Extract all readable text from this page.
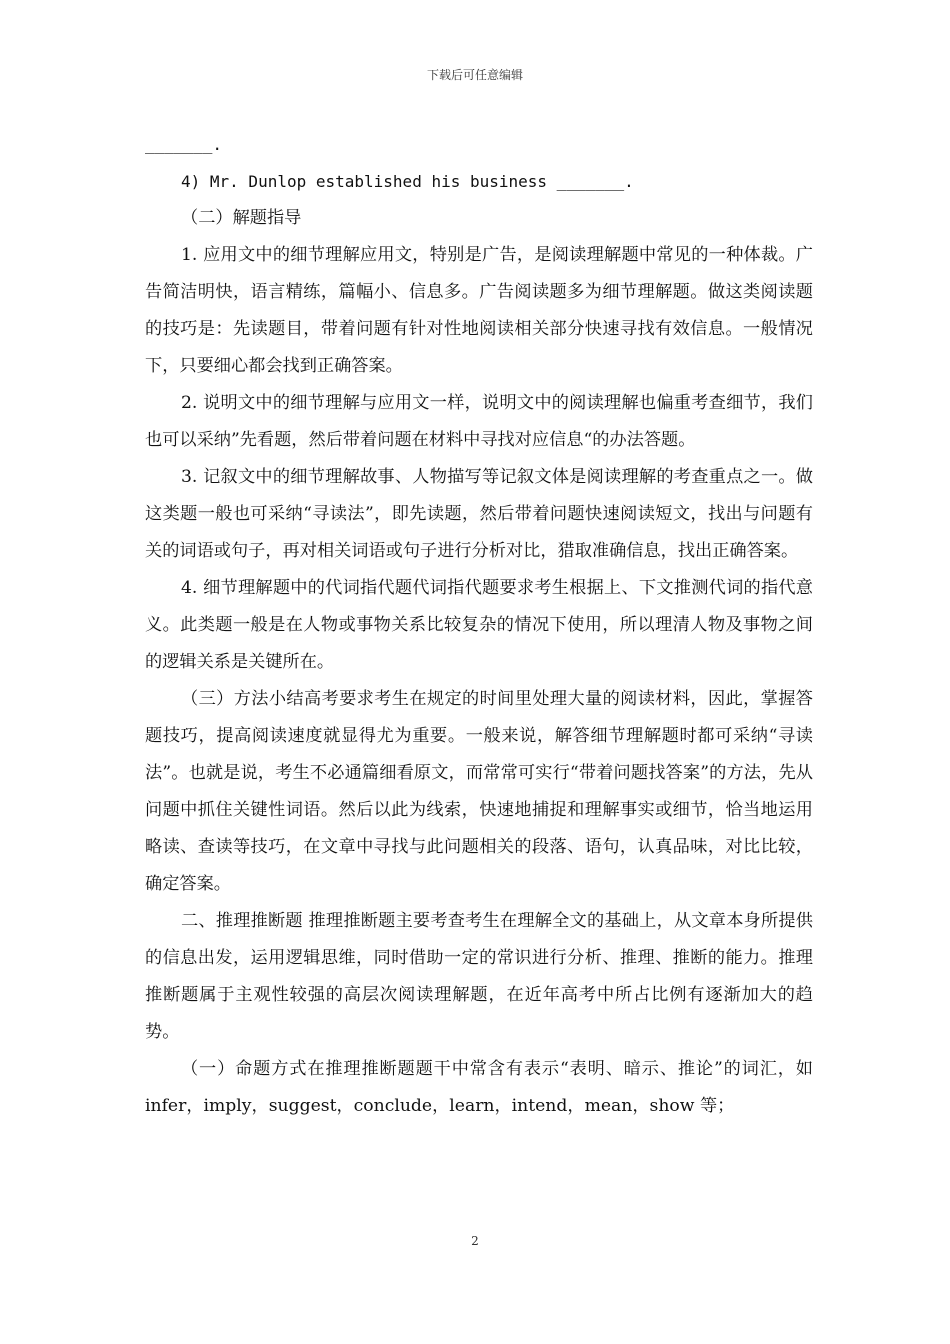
下载后可任意编辑

_______.

4) Mr. Dunlop established his business _______.

（二）解题指导

1. 应用文中的细节理解应用文，特别是广告，是阅读理解题中常见的一种体裁。广告简洁明快，语言精练，篇幅小、信息多。广告阅读题多为细节理解题。做这类阅读题的技巧是：先读题目，带着问题有针对性地阅读相关部分快速寻找有效信息。一般情况下，只要细心都会找到正确答案。

2. 说明文中的细节理解与应用文一样，说明文中的阅读理解也偏重考查细节，我们也可以采纳”先看题，然后带着问题在材料中寻找对应信息“的办法答题。

3. 记叙文中的细节理解故事、人物描写等记叙文体是阅读理解的考查重点之一。做这类题一般也可采纳“寻读法”，即先读题，然后带着问题快速阅读短文，找出与问题有关的词语或句子，再对相关词语或句子进行分析对比，猎取准确信息，找出正确答案。

4. 细节理解题中的代词指代题代词指代题要求考生根据上、下文推测代词的指代意义。此类题一般是在人物或事物关系比较复杂的情况下使用，所以理清人物及事物之间的逻辑关系是关键所在。

（三）方法小结高考要求考生在规定的时间里处理大量的阅读材料，因此，掌握答题技巧，提高阅读速度就显得尤为重要。一般来说，解答细节理解题时都可采纳“寻读法”。也就是说，考生不必通篇细看原文，而常常可实行“带着问题找答案”的方法，先从问题中抓住关键性词语。然后以此为线索，快速地捕捉和理解事实或细节，恰当地运用略读、查读等技巧，在文章中寻找与此问题相关的段落、语句，认真品味，对比比较，确定答案。

二、推理推断题 推理推断题主要考查考生在理解全文的基础上，从文章本身所提供的信息出发，运用逻辑思维，同时借助一定的常识进行分析、推理、推断的能力。推理推断题属于主观性较强的高层次阅读理解题，在近年高考中所占比例有逐渐加大的趋势。

（一）命题方式在推理推断题题干中常含有表示“表明、暗示、推论”的词汇，如 infer，imply，suggest，conclude，learn，intend，mean，show 等；

2
